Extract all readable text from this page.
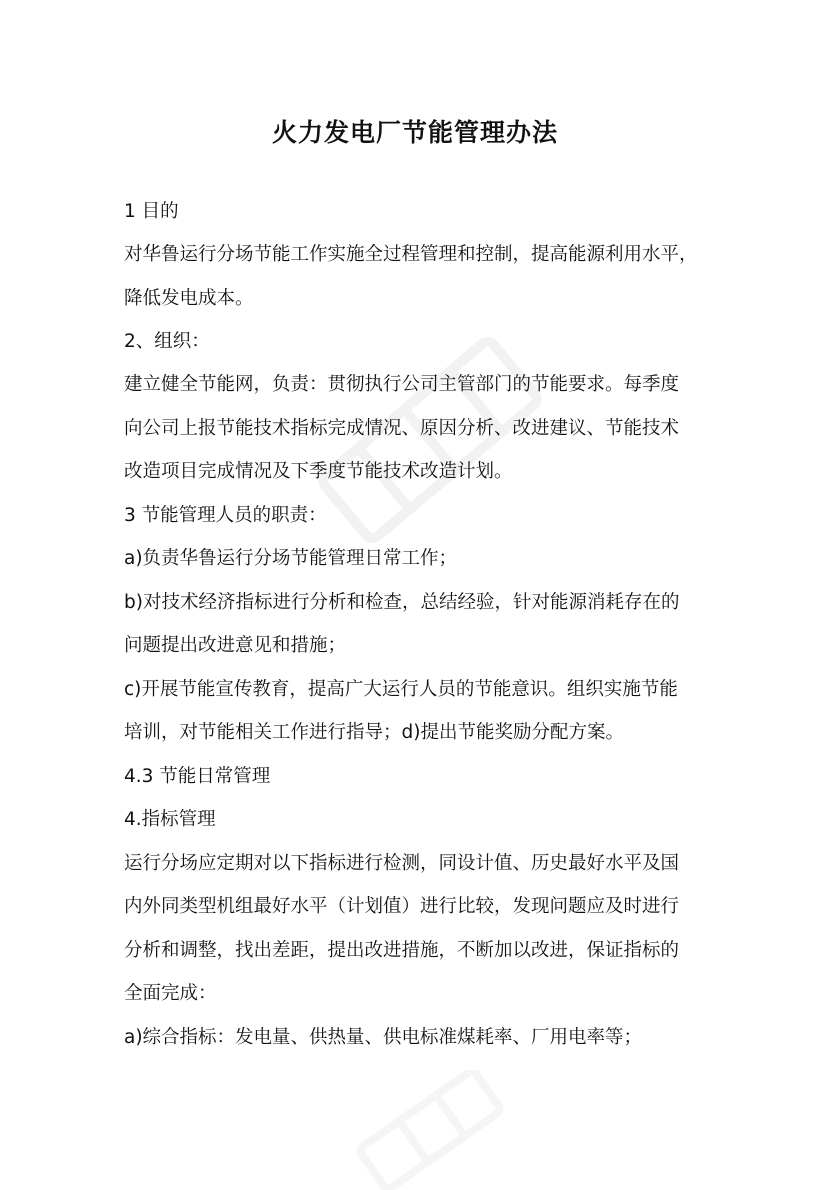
火力发电厂节能管理办法

1 目的

对华鲁运行分场节能工作实施全过程管理和控制，提高能源利用水平，

降低发电成本。

2、组织：

建立健全节能网，负责：贯彻执行公司主管部门的节能要求。每季度

向公司上报节能技术指标完成情况、原因分析、改进建议、节能技术

改造项目完成情况及下季度节能技术改造计划。

3 节能管理人员的职责：

a)负责华鲁运行分场节能管理日常工作；

b)对技术经济指标进行分析和检查，总结经验，针对能源消耗存在的

问题提出改进意见和措施；

c)开展节能宣传教育，提高广大运行人员的节能意识。组织实施节能

培训，对节能相关工作进行指导；d)提出节能奖励分配方案。

4.3 节能日常管理

4.指标管理

运行分场应定期对以下指标进行检测，同设计值、历史最好水平及国

内外同类型机组最好水平（计划值）进行比较，发现问题应及时进行

分析和调整，找出差距，提出改进措施，不断加以改进，保证指标的

全面完成：

a)综合指标：发电量、供热量、供电标准煤耗率、厂用电率等；
